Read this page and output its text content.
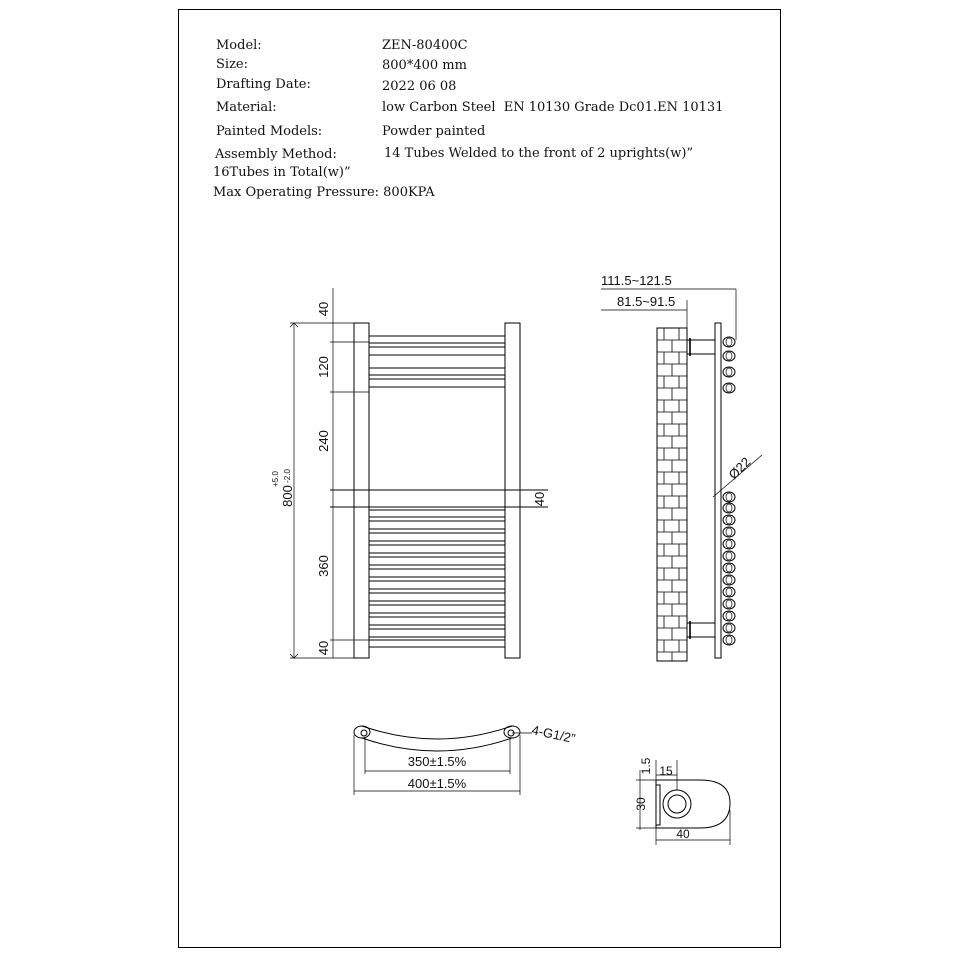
Model:	ZEN-80400C
Size:	800*400 mm
Drafting Date:	2022 06 08
Material:	low Carbon Steel  EN 10130 Grade Dc01.EN 10131
Painted Models:	Powder painted
Assembly Method:	14 Tubes Welded to the front of 2 uprights(w)”
16Tubes in Total(w)”
Max Operating Pressure: 800KPA
40
120
240
360
40
800
+5.0 -2.0
40
111.5~121.5
81.5~91.5
Ø22
4-G1/2”
350±1.5%
400±1.5%
1.5 15
30
40
